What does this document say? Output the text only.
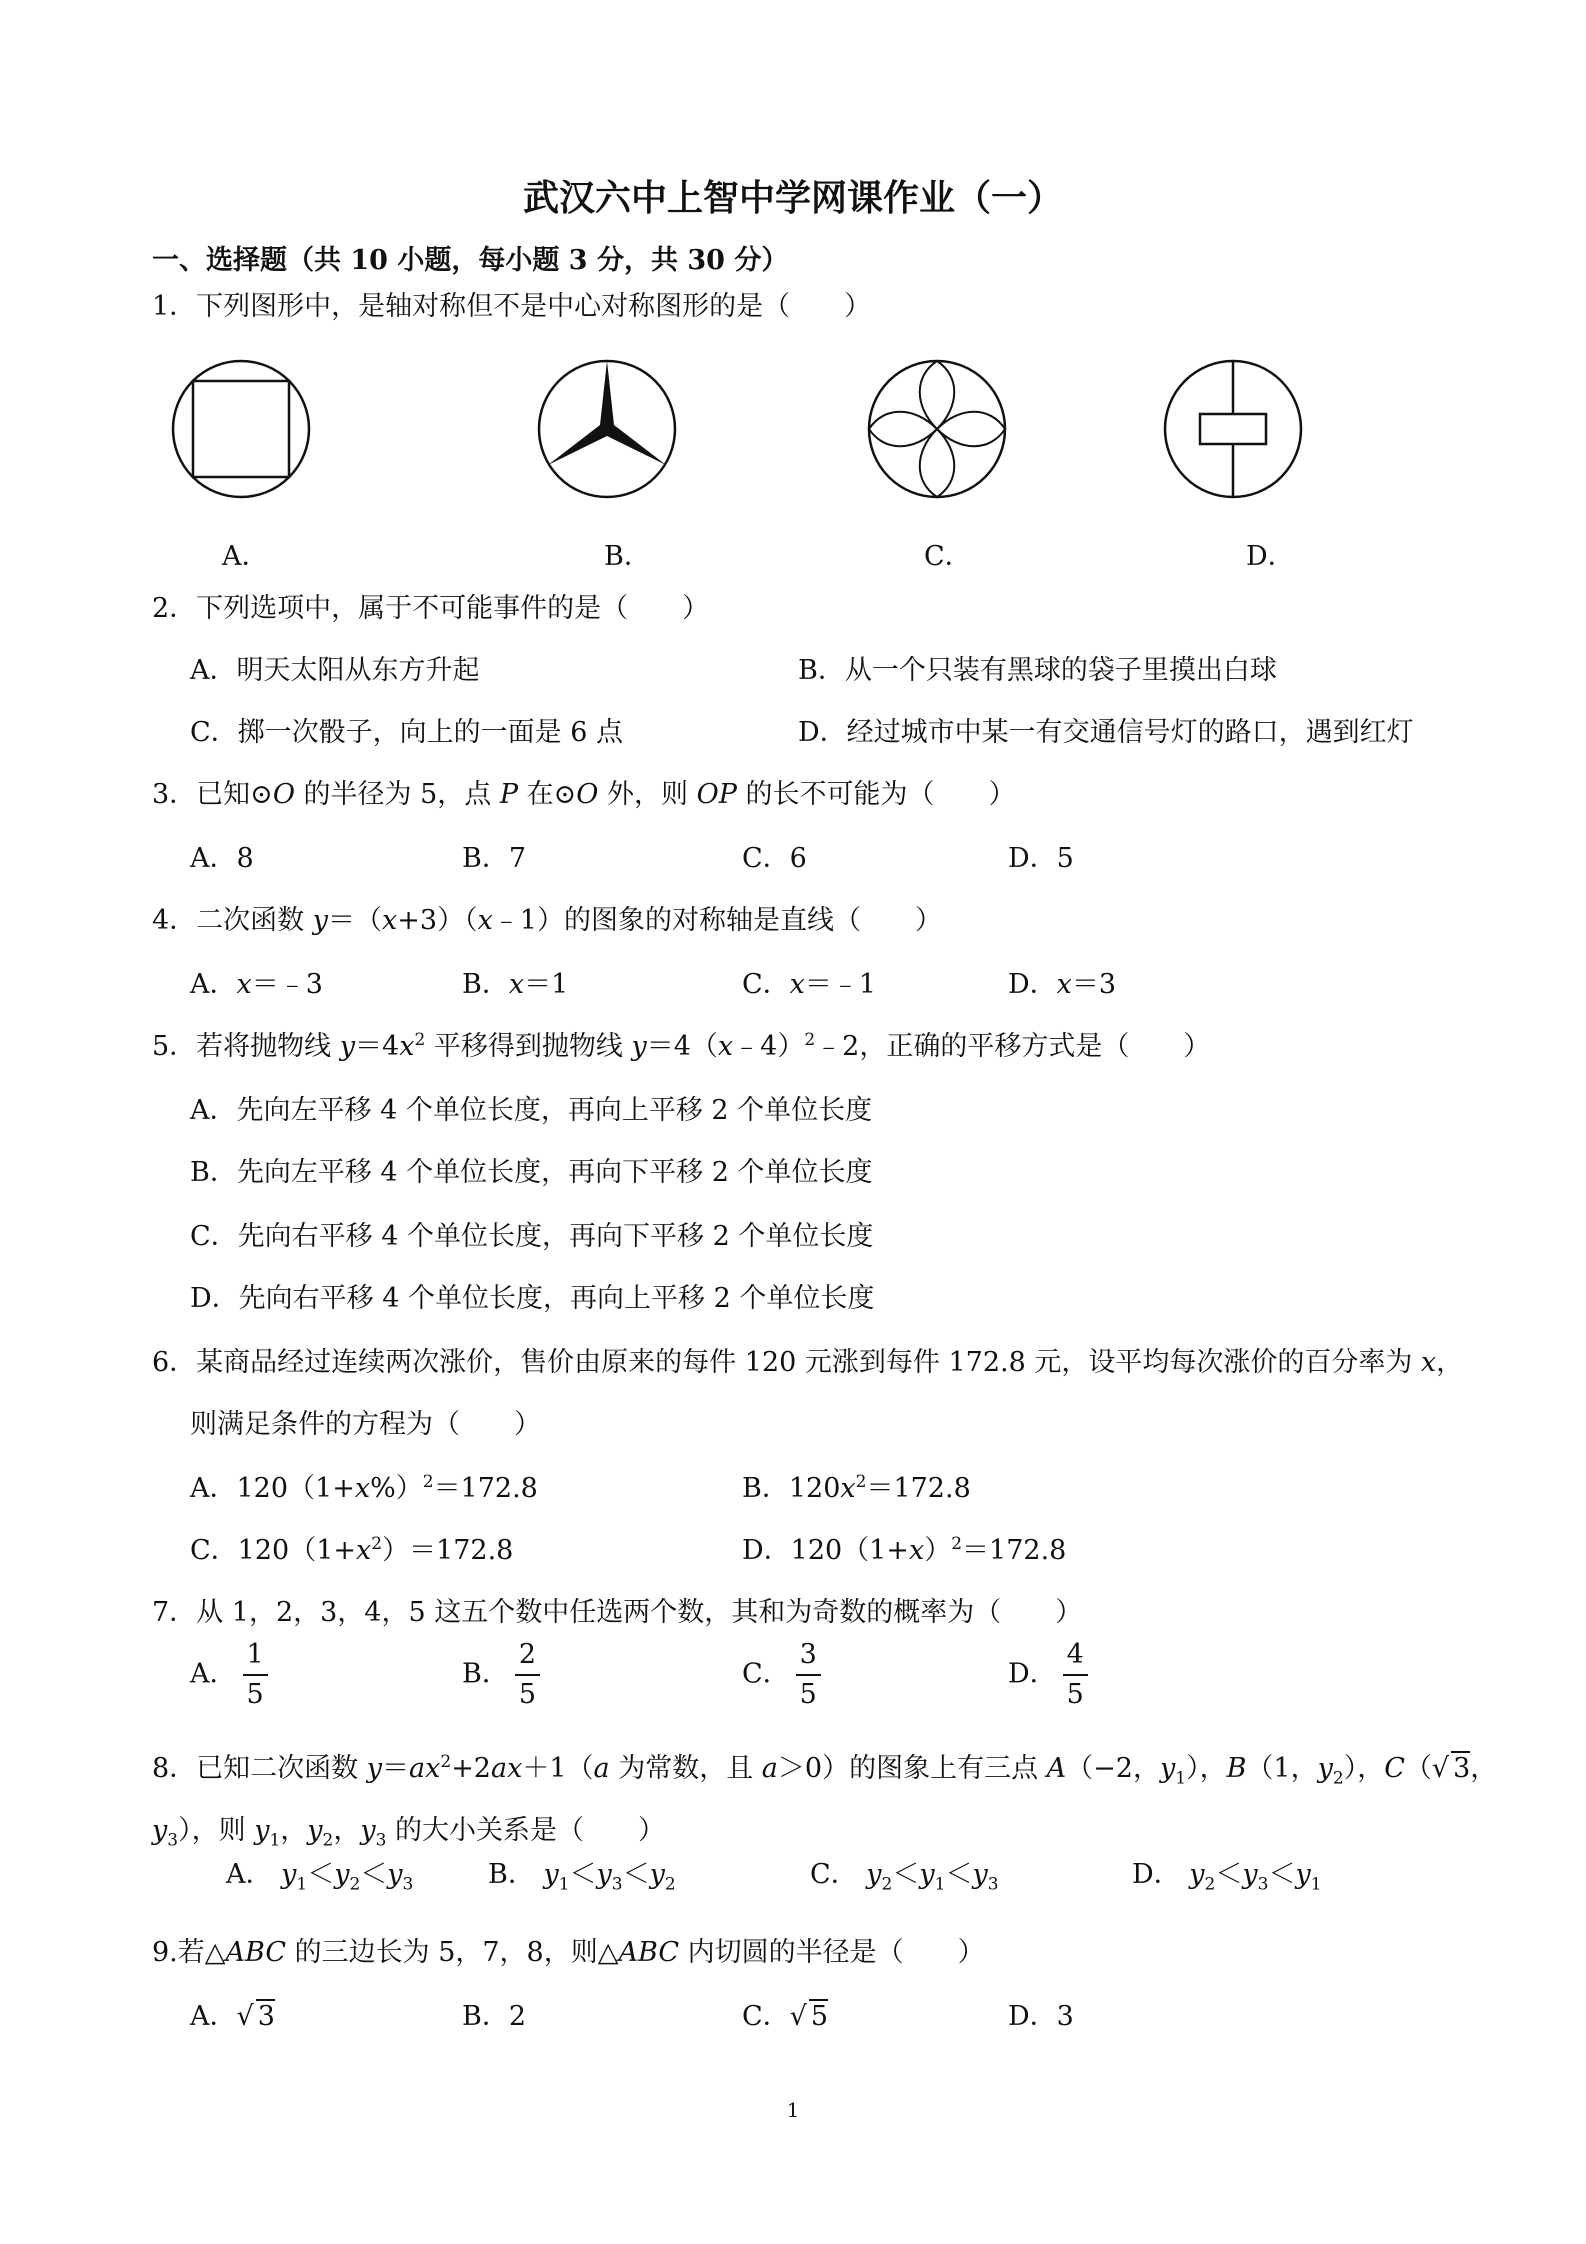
武汉六中上智中学网课作业（一）
一、选择题（共 10 小题，每小题 3 分，共 30 分）
1．下列图形中，是轴对称但不是中心对称图形的是（　　）
A．	B．	C．	D．
2．下列选项中，属于不可能事件的是（　　）
A．明天太阳从东方升起	B．从一个只装有黑球的袋子里摸出白球
C．掷一次骰子，向上的一面是 6 点	D．经过城市中某一有交通信号灯的路口，遇到红灯
3．已知⊙O 的半径为 5，点 P 在⊙O 外，则 OP 的长不可能为（　　）
A．8	B．7	C．6	D．5
4．二次函数 y＝（x+3）（x﹣1）的图象的对称轴是直线（　　）
A．x＝﹣3	B．x＝1	C．x＝﹣1	D．x＝3
5．若将抛物线 $y=4x^2$ 平移得到抛物线 y＝4（x﹣4）$^2$﹣2，正确的平移方式是（　　）
A．先向左平移 4 个单位长度，再向上平移 2 个单位长度
B．先向左平移 4 个单位长度，再向下平移 2 个单位长度
C．先向右平移 4 个单位长度，再向下平移 2 个单位长度
D．先向右平移 4 个单位长度，再向上平移 2 个单位长度
6．某商品经过连续两次涨价，售价由原来的每件 120 元涨到每件 172.8 元，设平均每次涨价的百分率为 x，
则满足条件的方程为（　　）
A．$120(1+x\%)^2=172.8$	B．$120x^2=172.8$
C．$120(1+x^2)=172.8$	D．$120(1+x)^2=172.8$
7．从 1，2，3，4，5 这五个数中任选两个数，其和为奇数的概率为（　　）
A． $\frac{1}{5}$	B． $\frac{2}{5}$	C． $\frac{3}{5}$	D． $\frac{4}{5}$
8．已知二次函数 $y=ax^2+2ax+1(a$ 为常数，且 a＞0）的图象上有三点 A（−2，$y_1$），B（1，$y_2$），C（√ 3，
$y_3$），则 $y_1$，$y_2$，$y_3$ 的大小关系是（　　）
A． $y_1<y_2<y_3$	B． $y_1<y_3<y_2$	C． $y_2<y_1<y_3$	D． $y_2<y_3<y_1$
9.若△ABC 的三边长为 5，7，8，则△ABC 内切圆的半径是（　　）
A．√ 3	B．2	C．√ 5	D．3
1
